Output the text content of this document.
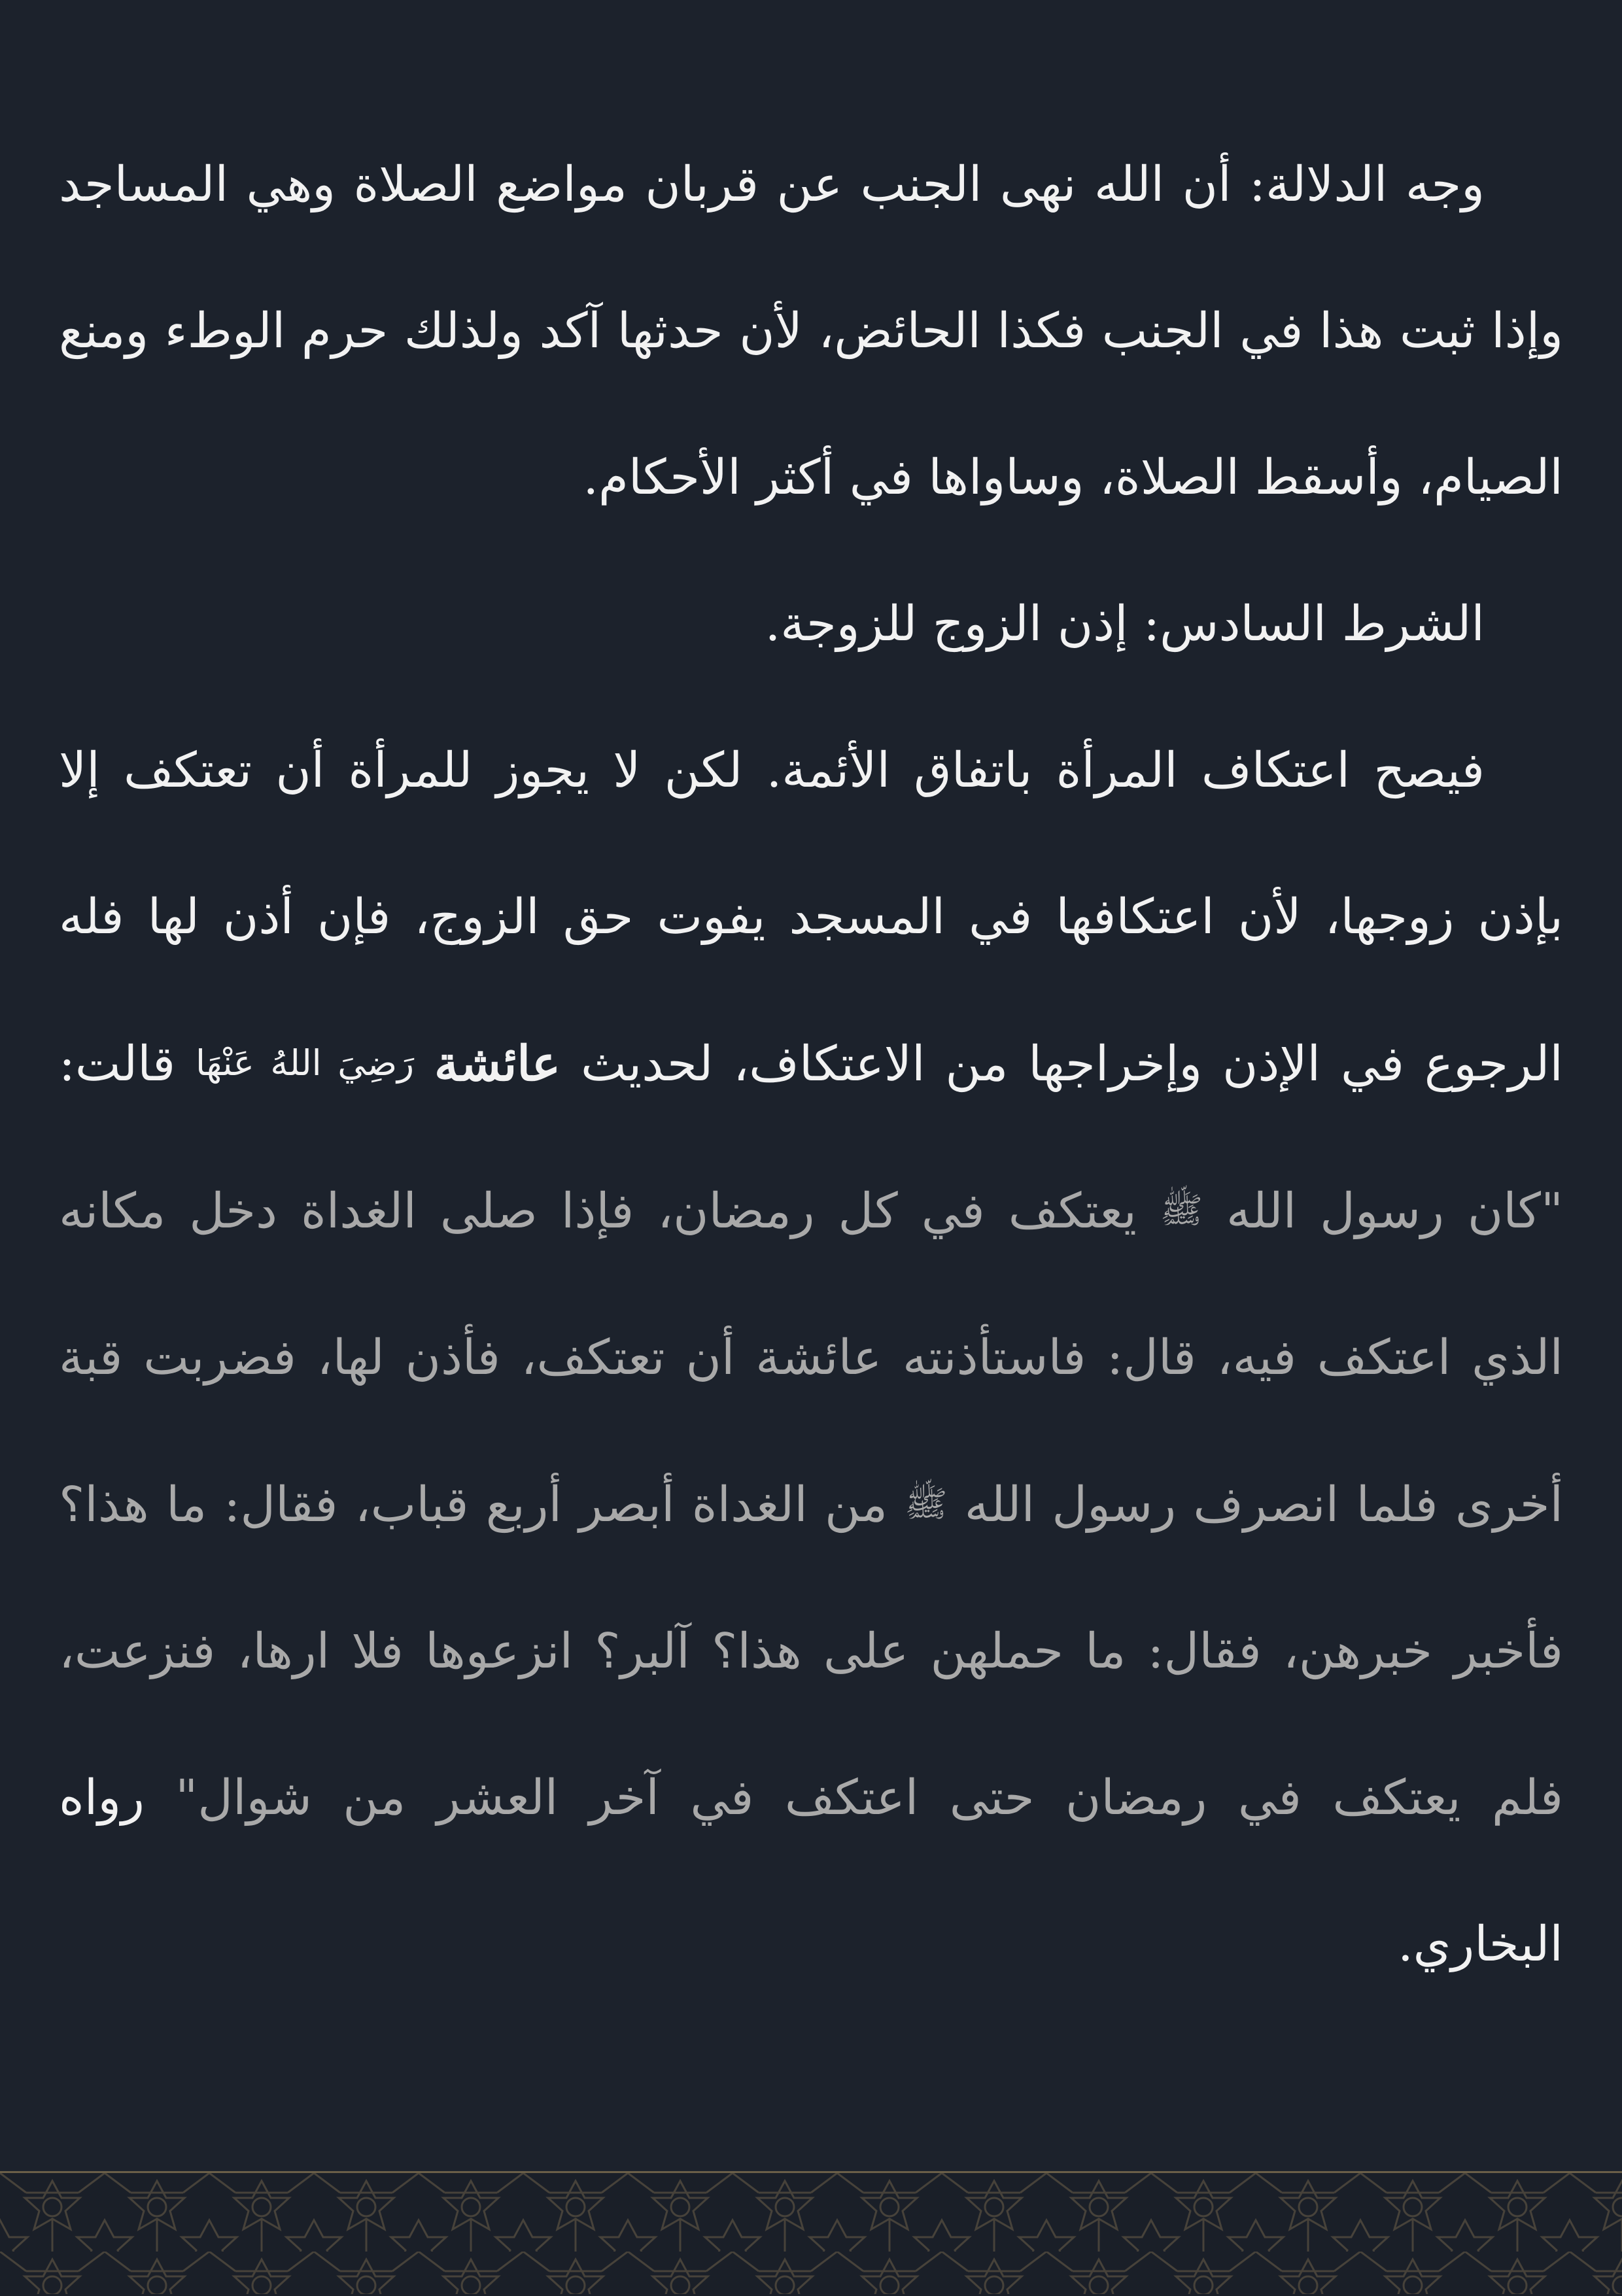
وجه الدلالة: أن الله نهى الجنب عن قربان مواضع الصلاة وهي المساجد وإذا ثبت هذا في الجنب فكذا الحائض، لأن حدثها آكد ولذلك حرم الوطء ومنع الصيام، وأسقط الصلاة، وساواها في أكثر الأحكام.

الشرط السادس: إذن الزوج للزوجة.

فيصح اعتكاف المرأة باتفاق الأئمة. لكن لا يجوز للمرأة أن تعتكف إلا بإذن زوجها، لأن اعتكافها في المسجد يفوت حق الزوج، فإن أذن لها فله الرجوع في الإذن وإخراجها من الاعتكاف، لحديث عائشة رَضِيَ اللهُ عَنْهَا قالت: "كان رسول الله ﷺ يعتكف في كل رمضان، فإذا صلى الغداة دخل مكانه الذي اعتكف فيه، قال: فاستأذنته عائشة أن تعتكف، فأذن لها، فضربت قبة أخرى فلما انصرف رسول الله ﷺ من الغداة أبصر أربع قباب، فقال: ما هذا؟ فأخبر خبرهن، فقال: ما حملهن على هذا؟ آلبر؟ انزعوها فلا ارها، فنزعت، فلم يعتكف في رمضان حتى اعتكف في آخر العشر من شوال" رواه البخاري.
